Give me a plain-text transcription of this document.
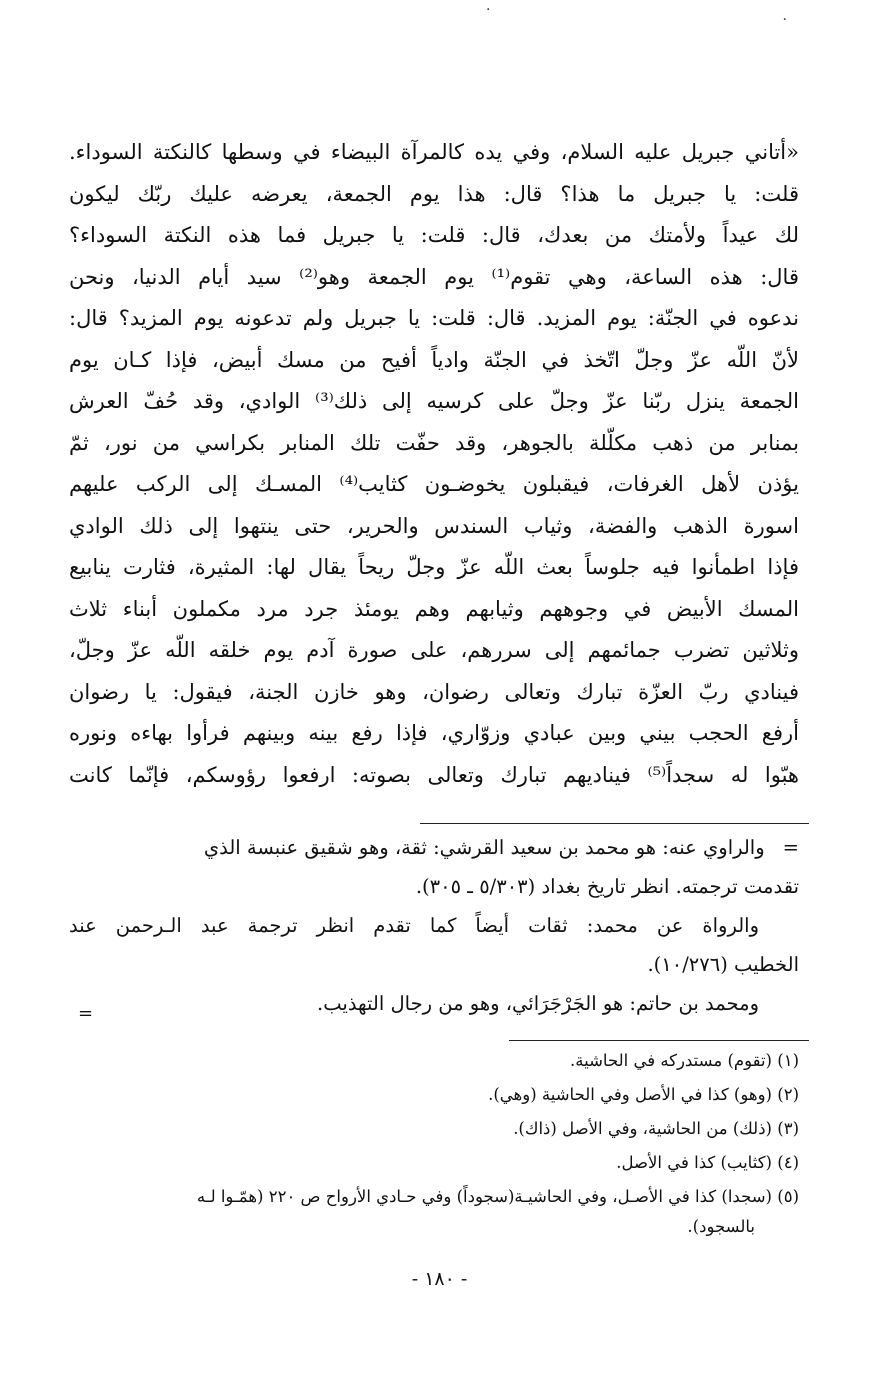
·
·
«أتاني جبريل عليه السلام، وفي يده كالمرآة البيضاء في وسطها كالنكتة السوداء.
قلت: يا جبريل ما هذا؟ قال: هذا يوم الجمعة، يعرضه عليك ربّك ليكون
لك عيداً ولأمتك من بعدك، قال: قلت: يا جبريل فما هذه النكتة السوداء؟
قال: هذه الساعة، وهي تقوم⁽¹⁾ يوم الجمعة وهو⁽²⁾ سيد أيام الدنيا، ونحن
ندعوه في الجنّة: يوم المزيد. قال: قلت: يا جبريل ولم تدعونه يوم المزيد؟ قال:
لأنّ اللّه عزّ وجلّ اتّخذ في الجنّة وادياً أفيح من مسك أبيض، فإذا كـان يوم
الجمعة ينزل ربّنا عزّ وجلّ على كرسيه إلى ذلك⁽³⁾ الوادي، وقد حُفّ العرش
بمنابر من ذهب مكلّلة بالجوهر، وقد حفّت تلك المنابر بكراسي من نور، ثمّ
يؤذن لأهل الغرفات، فيقبلون يخوضـون كثايب⁽⁴⁾ المسـك إلى الركب عليهم
اسورة الذهب والفضة، وثياب السندس والحرير، حتى ينتهوا إلى ذلك الوادي
فإذا اطمأنوا فيه جلوساً بعث اللّه عزّ وجلّ ريحاً يقال لها: المثيرة، فثارت ينابيع
المسك الأبيض في وجوههم وثيابهم وهم يومئذ جرد مرد مكملون أبناء ثلاث
وثلاثين تضرب جمائمهم إلى سررهم، على صورة آدم يوم خلقه اللّه عزّ وجلّ،
فينادي ربّ العزّة تبارك وتعالى رضوان، وهو خازن الجنة، فيقول: يا رضوان
أرفع الحجب بيني وبين عبادي وزوّاري، فإذا رفع بينه وبينهم فرأوا بهاءه ونوره
هبّوا له سجداً⁽⁵⁾ فيناديهم تبارك وتعالى بصوته: ارفعوا رؤوسكم، فإنّما كانت
=والراوي عنه: هو محمد بن سعيد القرشي: ثقة، وهو شقيق عنبسة الذي
تقدمت ترجمته. انظر تاريخ بغداد (٥/٣٠٣ ـ ٣٠٥).
والرواة عن محمد: ثقات أيضاً كما تقدم انظر ترجمة عبد الـرحمن عند
الخطيب (١٠/٢٧٦).
ومحمد بن حاتم: هو الجَرْجَرَائي، وهو من رجال التهذيب.
=
(١) (تقوم) مستدركه في الحاشية.
(٢) (وهو) كذا في الأصل وفي الحاشية (وهي).
(٣) (ذلك) من الحاشية، وفي الأصل (ذاك).
(٤) (كثايب) كذا في الأصل.
(٥) (سجدا) كذا في الأصـل، وفي الحاشيـة(سجوداً) وفي حـادي الأرواح ص ٢٢٠ (همّـوا لـه
بالسجود).
- ١٨٠ -
